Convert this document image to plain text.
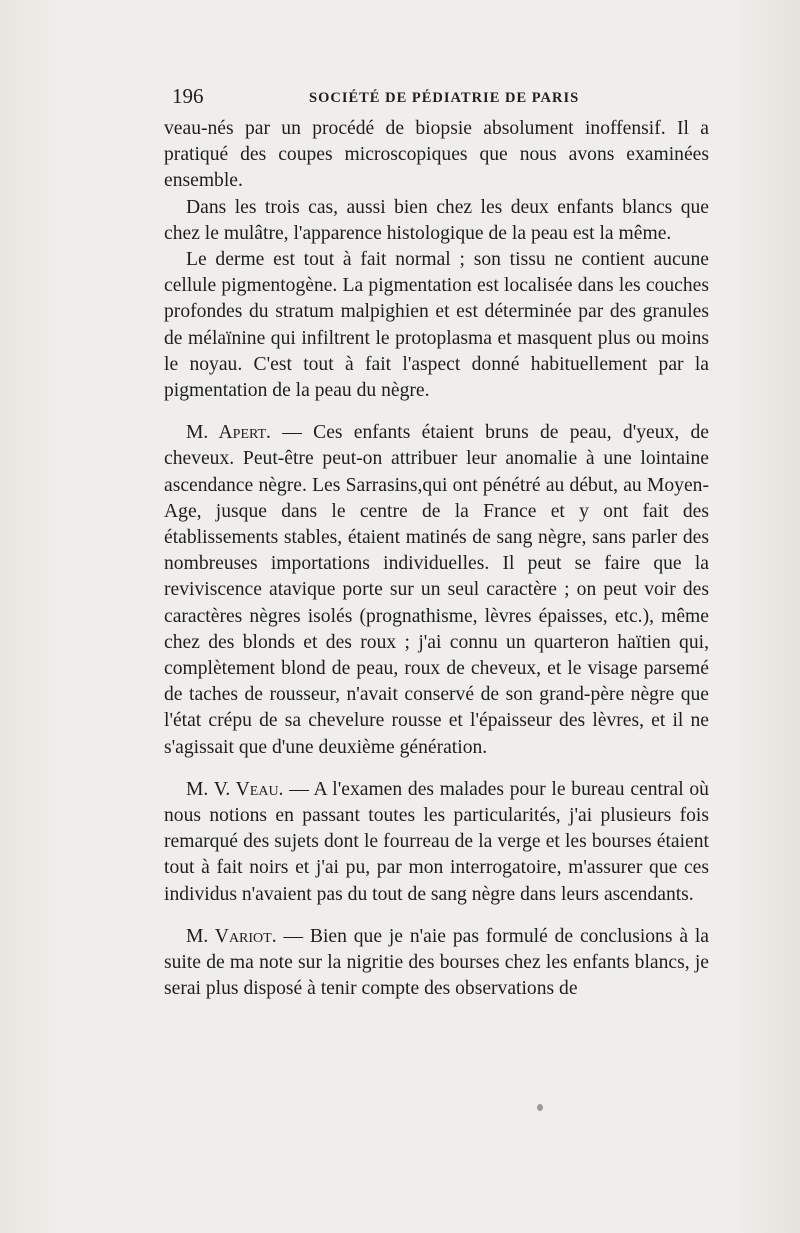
196	SOCIÉTÉ DE PÉDIATRIE DE PARIS

veau-nés par un procédé de biopsie absolument inoffensif. Il a pratiqué des coupes microscopiques que nous avons examinées ensemble.

Dans les trois cas, aussi bien chez les deux enfants blancs que chez le mulâtre, l'apparence histologique de la peau est la même.

Le derme est tout à fait normal ; son tissu ne contient aucune cellule pigmentogène. La pigmentation est localisée dans les couches profondes du stratum malpighien et est déterminée par des granules de mélaïnine qui infiltrent le protoplasma et masquent plus ou moins le noyau. C'est tout à fait l'aspect donné habituellement par la pigmentation de la peau du nègre.

M. Apert. — Ces enfants étaient bruns de peau, d'yeux, de cheveux. Peut-être peut-on attribuer leur anomalie à une lointaine ascendance nègre. Les Sarrasins,qui ont pénétré au début, au Moyen-Age, jusque dans le centre de la France et y ont fait des établissements stables, étaient matinés de sang nègre, sans parler des nombreuses importations individuelles. Il peut se faire que la reviviscence atavique porte sur un seul caractère ; on peut voir des caractères nègres isolés (prognathisme, lèvres épaisses, etc.), même chez des blonds et des roux ; j'ai connu un quarteron haïtien qui, complètement blond de peau, roux de cheveux, et le visage parsemé de taches de rousseur, n'avait conservé de son grand-père nègre que l'état crépu de sa chevelure rousse et l'épaisseur des lèvres, et il ne s'agissait que d'une deuxième génération.

M. V. Veau. — A l'examen des malades pour le bureau central où nous notions en passant toutes les particularités, j'ai plusieurs fois remarqué des sujets dont le fourreau de la verge et les bourses étaient tout à fait noirs et j'ai pu, par mon interrogatoire, m'assurer que ces individus n'avaient pas du tout de sang nègre dans leurs ascendants.

M. Variot. — Bien que je n'aie pas formulé de conclusions à la suite de ma note sur la nigritie des bourses chez les enfants blancs, je serai plus disposé à tenir compte des observations de
